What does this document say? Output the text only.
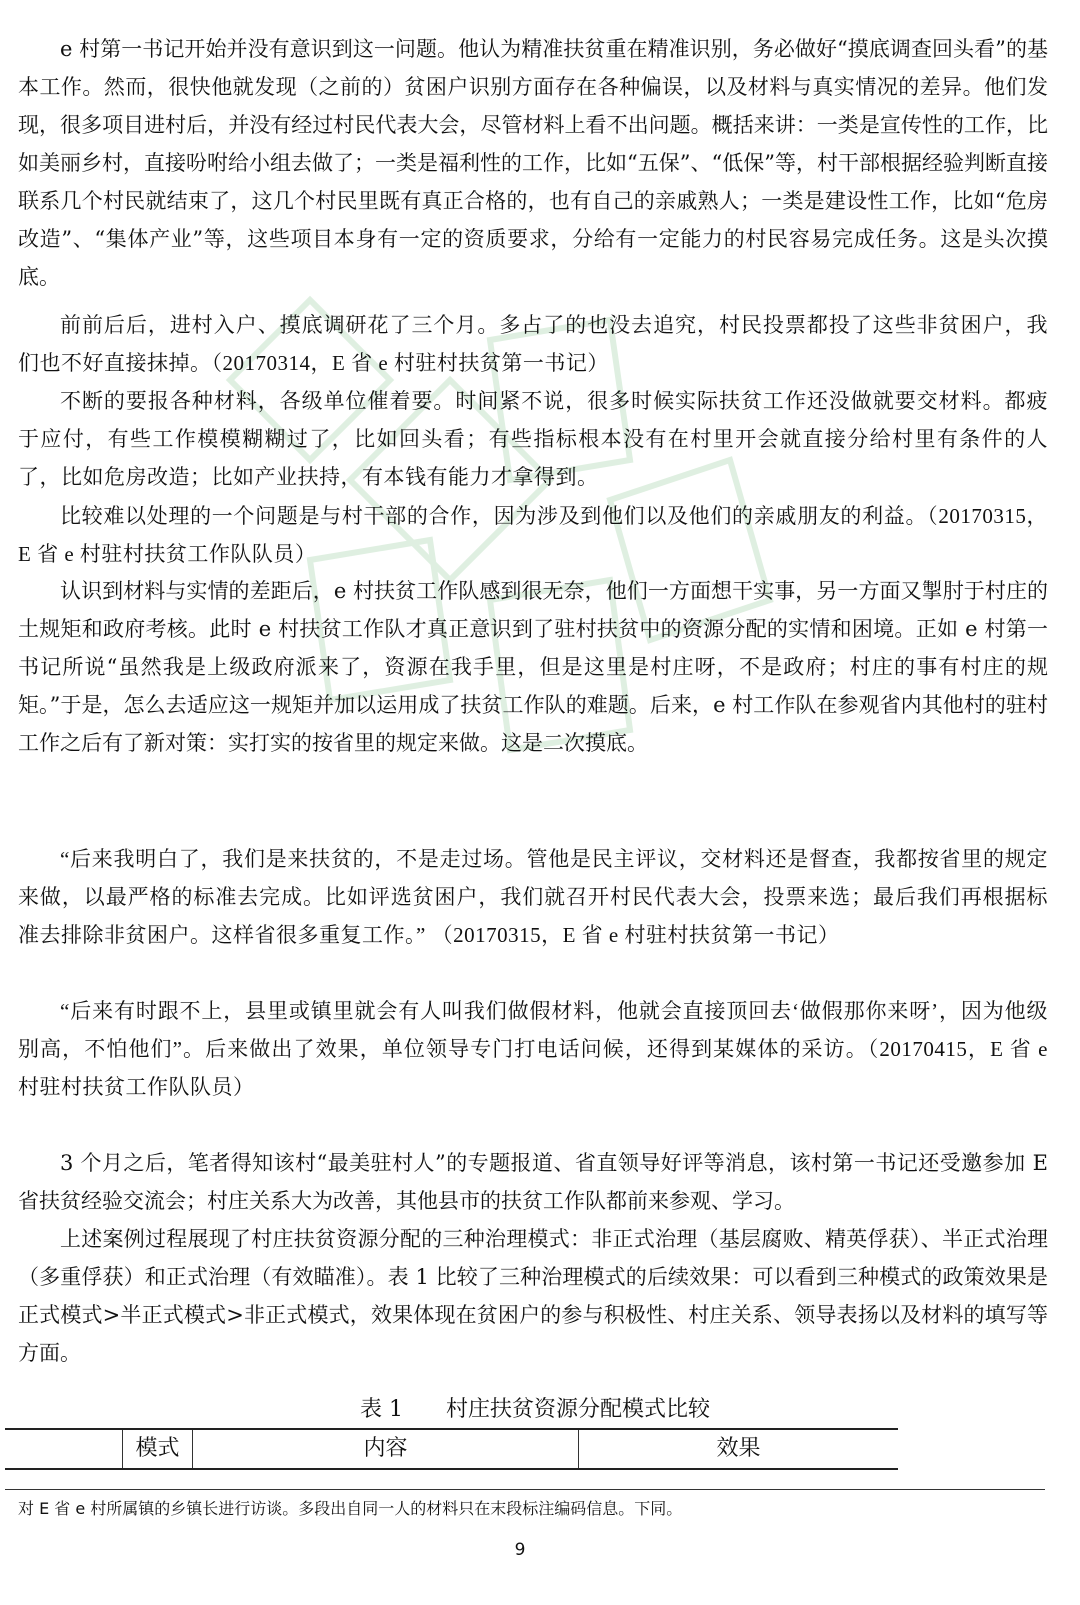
e 村第一书记开始并没有意识到这一问题。他认为精准扶贫重在精准识别，务必做好“摸底调查回头看”的基本工作。然而，很快他就发现（之前的）贫困户识别方面存在各种偏误，以及材料与真实情况的差异。他们发现，很多项目进村后，并没有经过村民代表大会，尽管材料上看不出问题。概括来讲：一类是宣传性的工作，比如美丽乡村，直接吩咐给小组去做了；一类是福利性的工作，比如“五保”、“低保”等，村干部根据经验判断直接联系几个村民就结束了，这几个村民里既有真正合格的，也有自己的亲戚熟人；一类是建设性工作，比如“危房改造”、“集体产业”等，这些项目本身有一定的资质要求，分给有一定能力的村民容易完成任务。这是头次摸底。

前前后后，进村入户、摸底调研花了三个月。多占了的也没去追究，村民投票都投了这些非贫困户，我们也不好直接抹掉。（20170314，E 省 e 村驻村扶贫第一书记）

不断的要报各种材料，各级单位催着要。时间紧不说，很多时候实际扶贫工作还没做就要交材料。都疲于应付，有些工作模模糊糊过了，比如回头看；有些指标根本没有在村里开会就直接分给村里有条件的人了，比如危房改造；比如产业扶持，有本钱有能力才拿得到。

比较难以处理的一个问题是与村干部的合作，因为涉及到他们以及他们的亲戚朋友的利益。（20170315，E 省 e 村驻村扶贫工作队队员）

认识到材料与实情的差距后，e 村扶贫工作队感到很无奈，他们一方面想干实事，另一方面又掣肘于村庄的土规矩和政府考核。此时 e 村扶贫工作队才真正意识到了驻村扶贫中的资源分配的实情和困境。正如 e 村第一书记所说“虽然我是上级政府派来了，资源在我手里，但是这里是村庄呀，不是政府；村庄的事有村庄的规矩。”于是，怎么去适应这一规矩并加以运用成了扶贫工作队的难题。后来，e 村工作队在参观省内其他村的驻村工作之后有了新对策：实打实的按省里的规定来做。这是二次摸底。

“后来我明白了，我们是来扶贫的，不是走过场。管他是民主评议，交材料还是督查，我都按省里的规定来做，以最严格的标准去完成。比如评选贫困户，我们就召开村民代表大会，投票来选；最后我们再根据标准去排除非贫困户。这样省很多重复工作。” （20170315，E 省 e 村驻村扶贫第一书记）

“后来有时跟不上，县里或镇里就会有人叫我们做假材料，他就会直接顶回去‘做假那你来呀’，因为他级别高，不怕他们”。后来做出了效果，单位领导专门打电话问候，还得到某媒体的采访。（20170415，E 省 e 村驻村扶贫工作队队员）

3 个月之后，笔者得知该村“最美驻村人”的专题报道、省直领导好评等消息，该村第一书记还受邀参加 E 省扶贫经验交流会；村庄关系大为改善，其他县市的扶贫工作队都前来参观、学习。

上述案例过程展现了村庄扶贫资源分配的三种治理模式：非正式治理（基层腐败、精英俘获）、半正式治理（多重俘获）和正式治理（有效瞄准）。表 1 比较了三种治理模式的后续效果：可以看到三种模式的政策效果是正式模式>半正式模式>非正式模式，效果体现在贫困户的参与积极性、村庄关系、领导表扬以及材料的填写等方面。

表 1 村庄扶贫资源分配模式比较

模式	内容	效果

对 E 省 e 村所属镇的乡镇长进行访谈。多段出自同一人的材料只在末段标注编码信息。下同。

9
